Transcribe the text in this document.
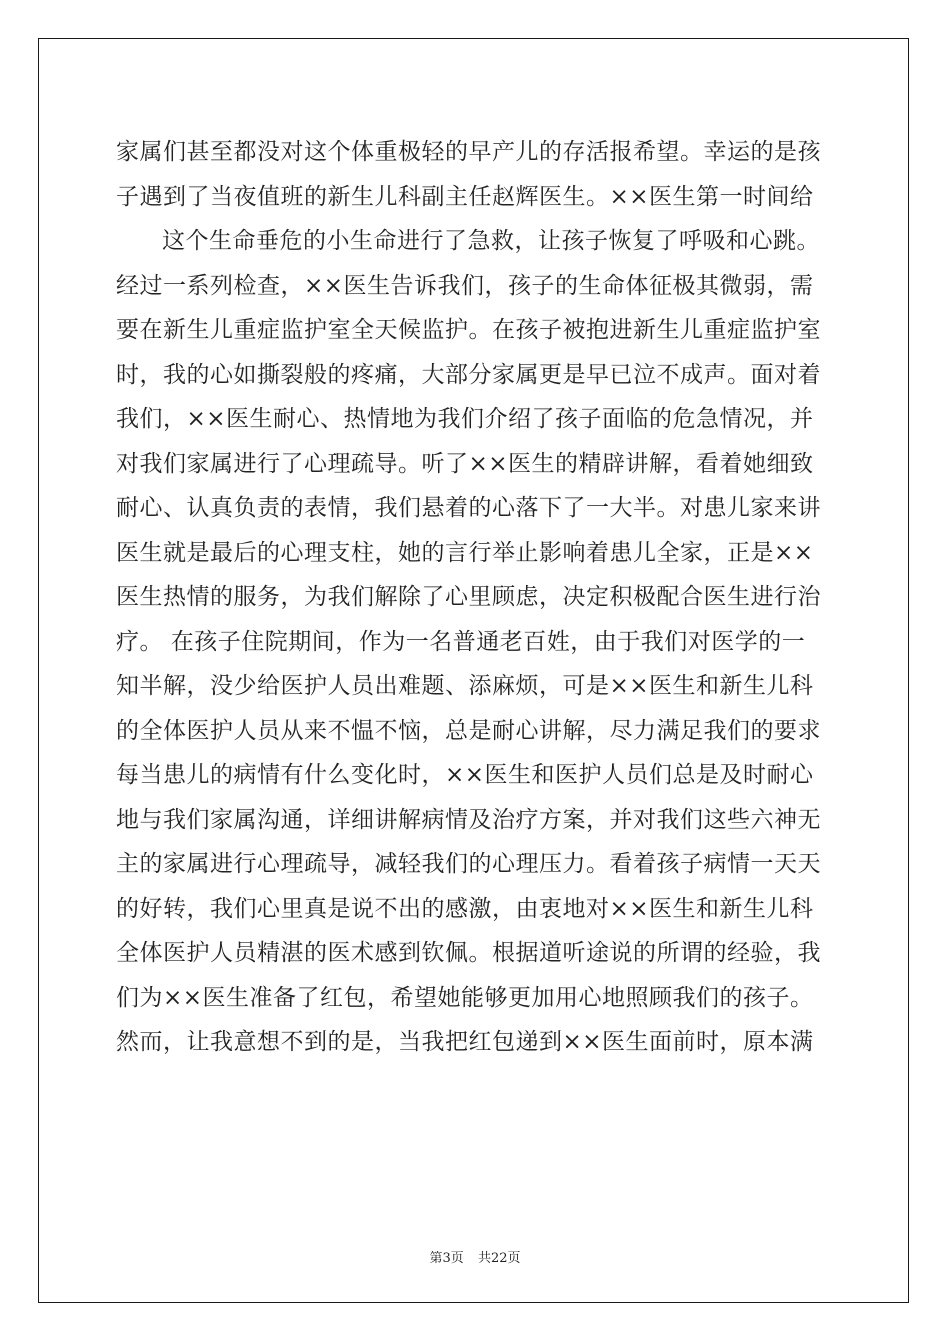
家属们甚至都没对这个体重极轻的早产儿的存活报希望。幸运的是孩
子遇到了当夜值班的新生儿科副主任赵辉医生。××医生第一时间给
这个生命垂危的小生命进行了急救，让孩子恢复了呼吸和心跳。
经过一系列检查，××医生告诉我们，孩子的生命体征极其微弱，需
要在新生儿重症监护室全天候监护。在孩子被抱进新生儿重症监护室
时，我的心如撕裂般的疼痛，大部分家属更是早已泣不成声。面对着
我们，××医生耐心、热情地为我们介绍了孩子面临的危急情况，并
对我们家属进行了心理疏导。听了××医生的精辟讲解，看着她细致
耐心、认真负责的表情，我们悬着的心落下了一大半。对患儿家来讲
医生就是最后的心理支柱，她的言行举止影响着患儿全家，正是××
医生热情的服务，为我们解除了心里顾虑，决定积极配合医生进行治
疗。 在孩子住院期间，作为一名普通老百姓，由于我们对医学的一
知半解，没少给医护人员出难题、添麻烦，可是××医生和新生儿科
的全体医护人员从来不愠不恼，总是耐心讲解，尽力满足我们的要求
每当患儿的病情有什么变化时，××医生和医护人员们总是及时耐心
地与我们家属沟通，详细讲解病情及治疗方案，并对我们这些六神无
主的家属进行心理疏导，减轻我们的心理压力。看着孩子病情一天天
的好转，我们心里真是说不出的感激，由衷地对××医生和新生儿科
全体医护人员精湛的医术感到钦佩。根据道听途说的所谓的经验，我
们为××医生准备了红包，希望她能够更加用心地照顾我们的孩子。
然而，让我意想不到的是，当我把红包递到××医生面前时，原本满
第3页 共22页
